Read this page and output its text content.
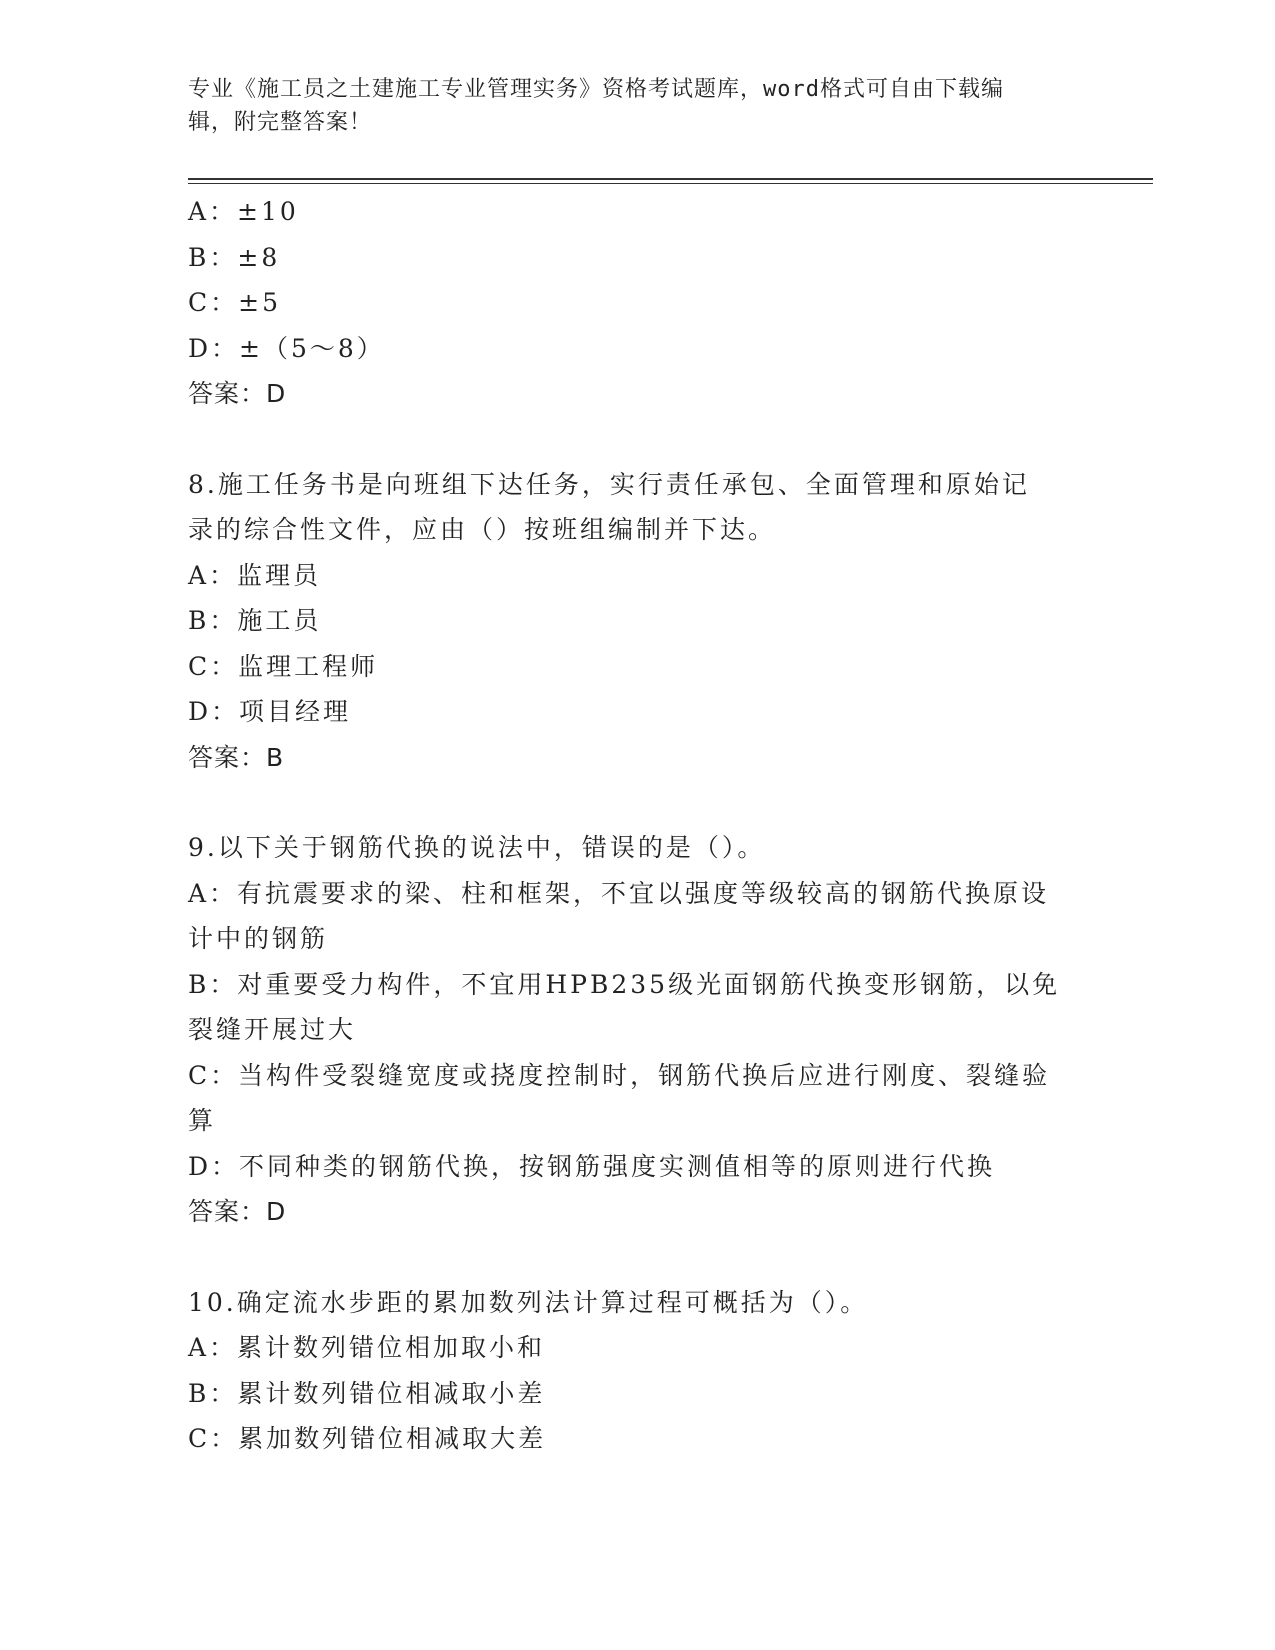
专业《施工员之土建施工专业管理实务》资格考试题库，word格式可自由下载编
辑，附完整答案！
A：±10
B：±8
C：±5
D：±（5～8）
答案：D
8.施工任务书是向班组下达任务，实行责任承包、全面管理和原始记
录的综合性文件，应由（）按班组编制并下达。
A：监理员
B：施工员
C：监理工程师
D：项目经理
答案：B
9.以下关于钢筋代换的说法中，错误的是（）。
A：有抗震要求的梁、柱和框架，不宜以强度等级较高的钢筋代换原设
计中的钢筋
B：对重要受力构件，不宜用HPB235级光面钢筋代换变形钢筋，以免
裂缝开展过大
C：当构件受裂缝宽度或挠度控制时，钢筋代换后应进行刚度、裂缝验
算
D：不同种类的钢筋代换，按钢筋强度实测值相等的原则进行代换
答案：D
10.确定流水步距的累加数列法计算过程可概括为（）。
A：累计数列错位相加取小和
B：累计数列错位相减取小差
C：累加数列错位相减取大差
